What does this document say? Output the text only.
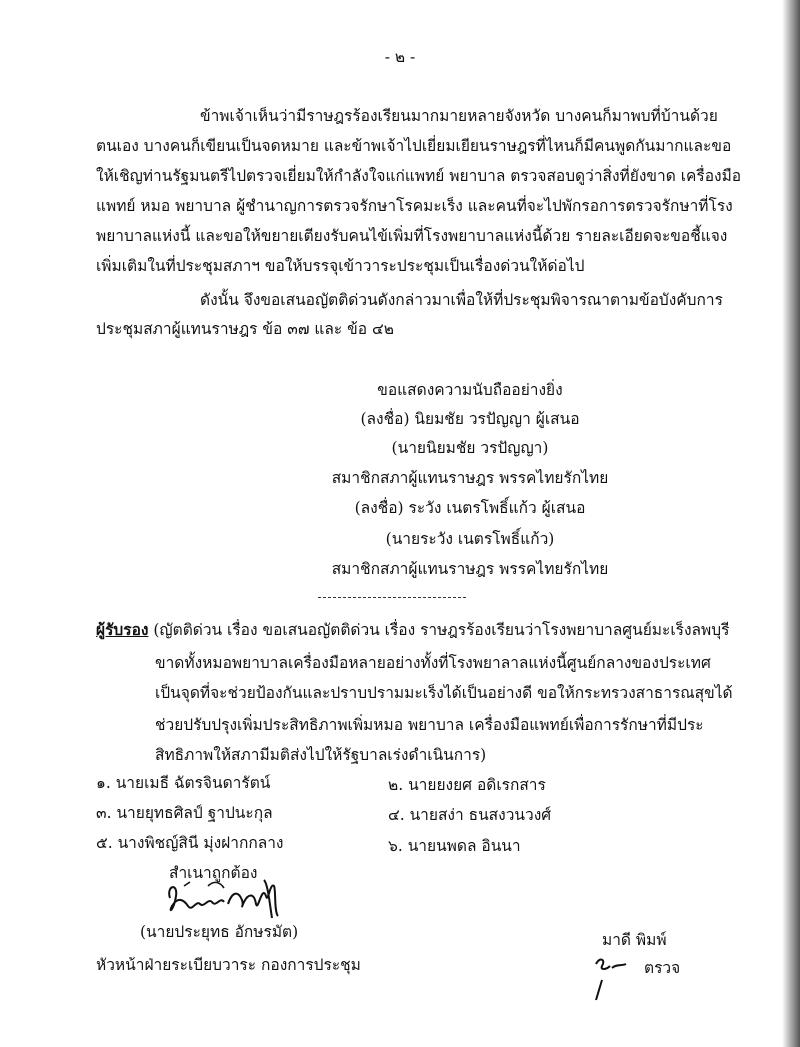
- ๒ -
ข้าพเจ้าเห็นว่ามีราษฎรร้องเรียนมากมายหลายจังหวัด บางคนก็มาพบที่บ้านด้วย
ตนเอง บางคนก็เขียนเป็นจดหมาย และข้าพเจ้าไปเยี่ยมเยียนราษฎรที่ไหนก็มีคนพูดกันมากและขอ
ให้เชิญท่านรัฐมนตรีไปตรวจเยี่ยมให้กำลังใจแก่แพทย์ พยาบาล ตรวจสอบดูว่าสิ่งที่ยังขาด เครื่องมือ
แพทย์ หมอ พยาบาล ผู้ชำนาญการตรวจรักษาโรคมะเร็ง และคนที่จะไปพักรอการตรวจรักษาที่โรง
พยาบาลแห่งนี้ และขอให้ขยายเตียงรับคนไข้เพิ่มที่โรงพยาบาลแห่งนี้ด้วย รายละเอียดจะขอชี้แจง
เพิ่มเติมในที่ประชุมสภาฯ ขอให้บรรจุเข้าวาระประชุมเป็นเรื่องด่วนให้ด่อไป
ดังนั้น จึงขอเสนอญัตติด่วนดังกล่าวมาเพื่อให้ที่ประชุมพิจารณาตามข้อบังคับการ
ประชุมสภาผู้แทนราษฎร ข้อ ๓๗ และ ข้อ ๔๒
ขอแสดงความนับถืออย่างยิ่ง
(ลงชื่อ) นิยมชัย วรปัญญา ผู้เสนอ
(นายนิยมชัย วรปัญญา)
สมาชิกสภาผู้แทนราษฎร พรรคไทยรักไทย
(ลงชื่อ) ระวัง เนตรโพธิ์แก้ว ผู้เสนอ
(นายระวัง เนตรโพธิ์แก้ว)
สมาชิกสภาผู้แทนราษฎร พรรคไทยรักไทย
ผู้รับรอง (ญัตติด่วน เรื่อง ขอเสนอญัตติด่วน เรื่อง ราษฎรร้องเรียนว่าโรงพยาบาลศูนย์มะเร็งลพบุรี
ขาดทั้งหมอพยาบาลเครื่องมือหลายอย่างทั้งที่โรงพยาลาลแห่งนี้ศูนย์กลางของประเทศ
เป็นจุดที่จะช่วยป้องกันและปราบปรามมะเร็งได้เป็นอย่างดี ขอให้กระทรวงสาธารณสุขได้
ช่วยปรับปรุงเพิ่มประสิทธิภาพเพิ่มหมอ พยาบาล เครื่องมือแพทย์เพื่อการรักษาที่มีประ
สิทธิภาพให้สภามีมติส่งไปให้รัฐบาลเร่งดำเนินการ)
๑. นายเมธี ฉัตรจินดารัตน์	๒. นายยงยศ อดิเรกสาร
๓. นายยุทธศิลป์ ฐาปนะกุล	๔. นายสง่า ธนสงวนวงศ์
๕. นางพิชญ์สินี มุ่งฝากกลาง	๖. นายนพดล อินนา
สำเนาถูกต้อง
(นายประยุทธ อักษรมัต)
หัวหน้าฝ่ายระเบียบวาระ กองการประชุม
มาดี พิมพ์
ตรวจ
